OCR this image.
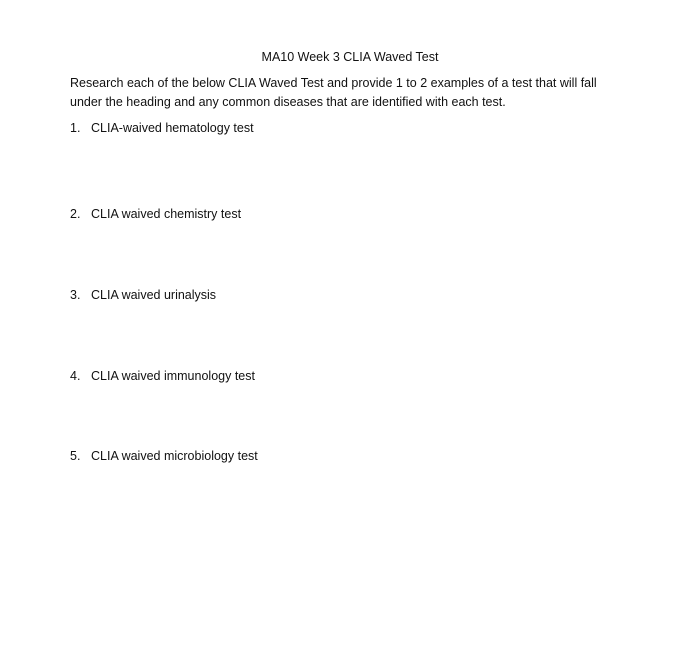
MA10 Week 3 CLIA Waved Test
Research each of the below CLIA Waved Test and provide 1 to 2 examples of a test that will fall under the heading and any common diseases that are identified with each test.
1. CLIA-waived hematology test
2. CLIA waived chemistry test
3. CLIA waived urinalysis
4. CLIA waived immunology test
5. CLIA waived microbiology test
